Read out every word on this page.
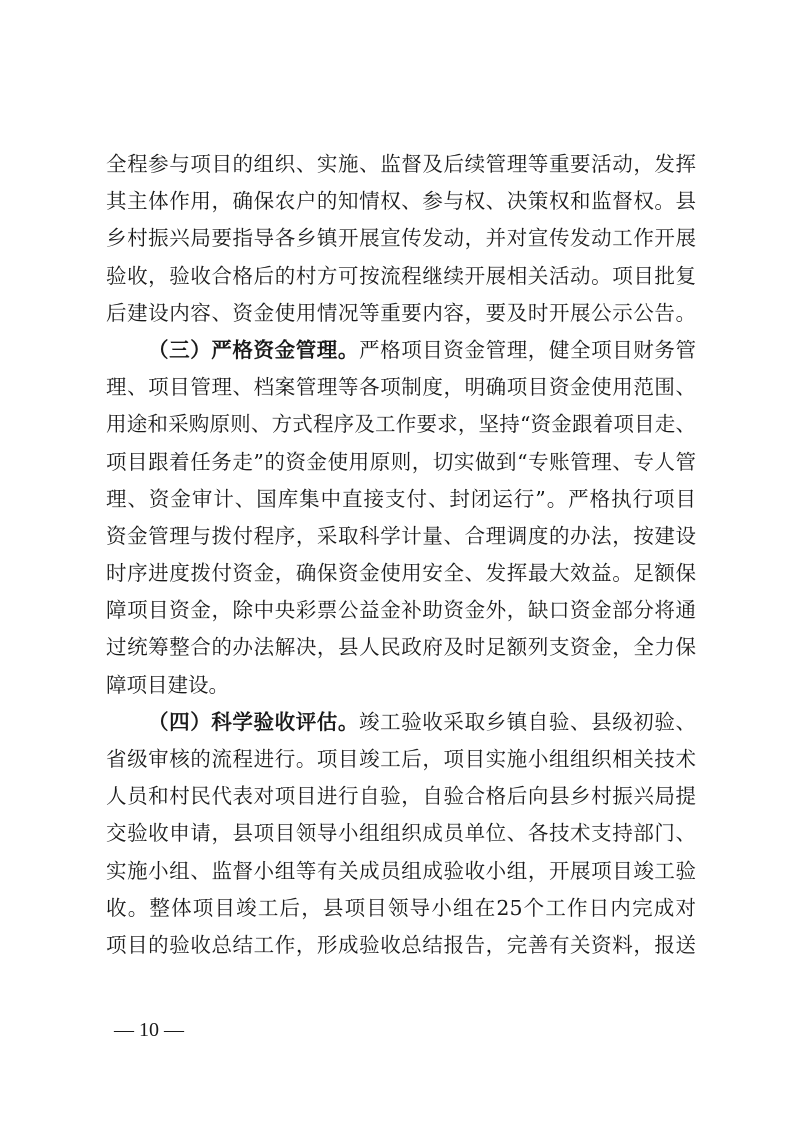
全程参与项目的组织、实施、监督及后续管理等重要活动，发挥
其主体作用，确保农户的知情权、参与权、决策权和监督权。县
乡村振兴局要指导各乡镇开展宣传发动，并对宣传发动工作开展
验收，验收合格后的村方可按流程继续开展相关活动。项目批复
后建设内容、资金使用情况等重要内容，要及时开展公示公告。
（三）严格资金管理。严格项目资金管理，健全项目财务管
理、项目管理、档案管理等各项制度，明确项目资金使用范围、
用途和采购原则、方式程序及工作要求，坚持“资金跟着项目走、
项目跟着任务走”的资金使用原则，切实做到“专账管理、专人管
理、资金审计、国库集中直接支付、封闭运行”。严格执行项目
资金管理与拨付程序，采取科学计量、合理调度的办法，按建设
时序进度拨付资金，确保资金使用安全、发挥最大效益。足额保
障项目资金，除中央彩票公益金补助资金外，缺口资金部分将通
过统筹整合的办法解决，县人民政府及时足额列支资金，全力保
障项目建设。
（四）科学验收评估。竣工验收采取乡镇自验、县级初验、
省级审核的流程进行。项目竣工后，项目实施小组组织相关技术
人员和村民代表对项目进行自验，自验合格后向县乡村振兴局提
交验收申请，县项目领导小组组织成员单位、各技术支持部门、
实施小组、监督小组等有关成员组成验收小组，开展项目竣工验
收。整体项目竣工后，县项目领导小组在25个工作日内完成对
项目的验收总结工作，形成验收总结报告，完善有关资料，报送
— 10 —
